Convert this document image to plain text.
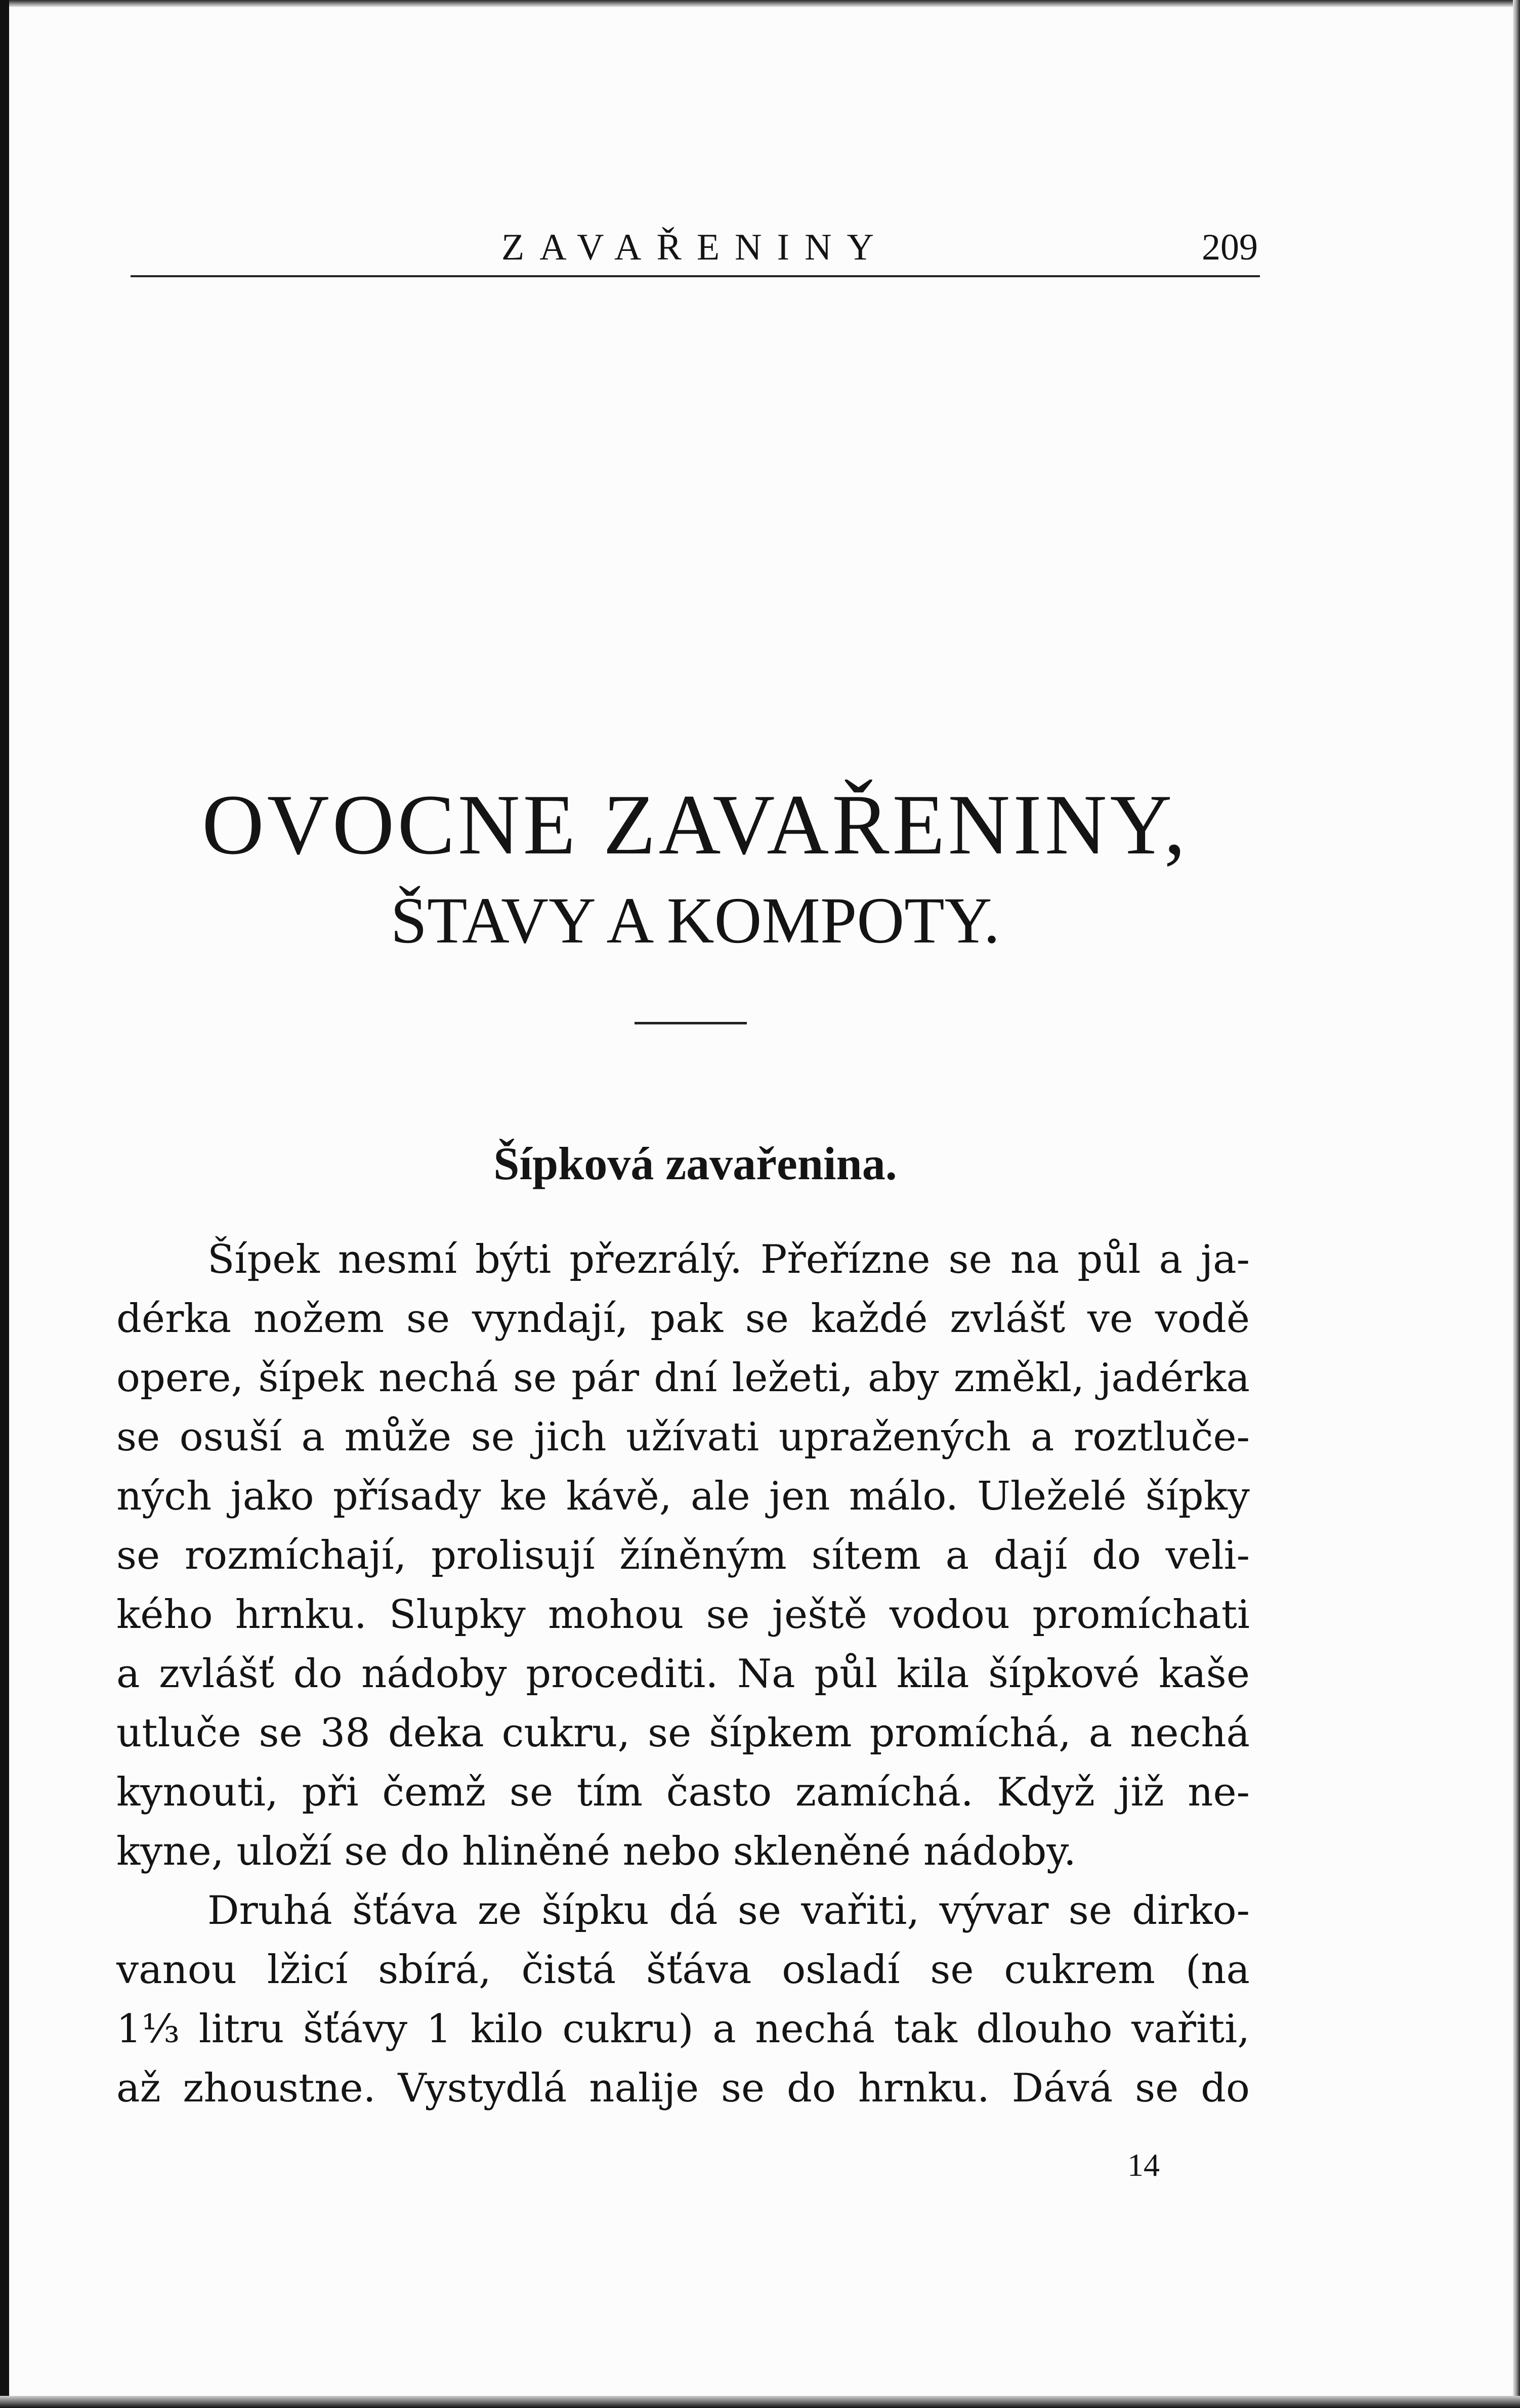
ZAVAŘENINY	209
OVOCNE ZAVAŘENINY,
ŠTAVY A KOMPOTY.
Šípková zavařenina.
Šípek nesmí býti přezrálý. Přeřízne se na půl a ja-
dérka nožem se vyndají, pak se každé zvlášť ve vodě
opere, šípek nechá se pár dní ležeti, aby změkl, jadérka
se osuší a může se jich užívati upražených a roztluče-
ných jako přísady ke kávě, ale jen málo. Uleželé šípky
se rozmíchají, prolisují žíněným sítem a dají do veli-
kého hrnku. Slupky mohou se ještě vodou promíchati
a zvlášť do nádoby procediti. Na půl kila šípkové kaše
utluče se 38 deka cukru, se šípkem promíchá, a nechá
kynouti, při čemž se tím často zamíchá. Když již ne-
kyne, uloží se do hliněné nebo skleněné nádoby.
Druhá šťáva ze šípku dá se vařiti, vývar se dirko-
vanou lžicí sbírá, čistá šťáva osladí se cukrem (na
1⅓ litru šťávy 1 kilo cukru) a nechá tak dlouho vařiti,
až zhoustne. Vystydlá nalije se do hrnku. Dává se do
14
